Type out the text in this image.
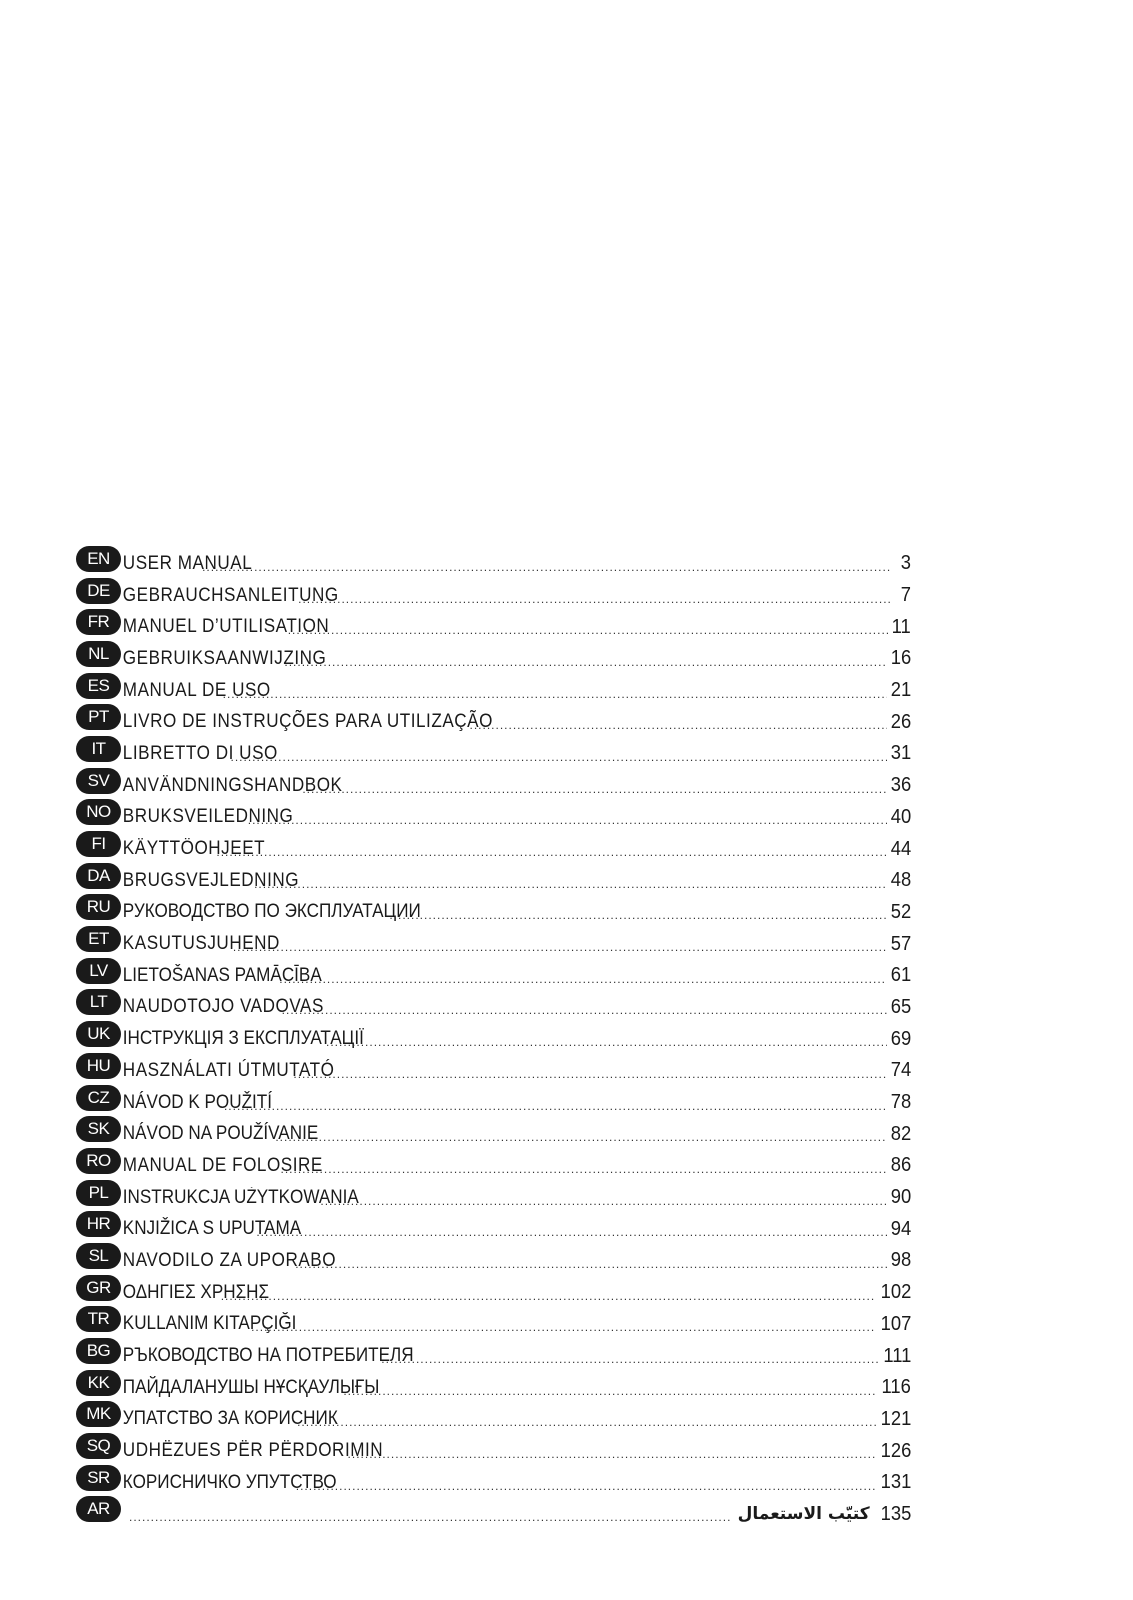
EN USER MANUAL .....	3
DE GEBRAUCHSANLEITUNG .....	7
FR MANUEL D’UTILISATION .....	11
NL GEBRUIKSAANWIJZING .....	16
ES MANUAL DE USO .....	21
PT LIVRO DE INSTRUÇÕES PARA UTILIZAÇÃO .....	26
IT LIBRETTO DI USO .....	31
SV ANVÄNDNINGSHANDBOK .....	36
NO BRUKSVEILEDNING .....	40
FI KÄYTTÖOHJEET .....	44
DA BRUGSVEJLEDNING .....	48
RU РУКОВОДСТВО ПО ЭКСПЛУАТАЦИИ .....	52
ET KASUTUSJUHEND .....	57
LV LIETOŠANAS PAMĀCĪBA .....	61
LT NAUDOTOJO VADOVAS .....	65
UK ІНСТРУКЦІЯ З ЕКСПЛУАТАЦІЇ .....	69
HU HASZNÁLATI ÚTMUTATÓ .....	74
CZ NÁVOD K POUŽITÍ .....	78
SK NÁVOD NA POUŽÍVANIE .....	82
RO MANUAL DE FOLOSIRE .....	86
PL INSTRUKCJA UŻYTKOWANIA .....	90
HR KNJIŽICA S UPUTAMA .....	94
SL NAVODILO ZA UPORABO .....	98
GR ΟΔΗΓΙΕΣ ΧΡΗΣΗΣ .....	102
TR KULLANIM KITAPÇIĞI .....	107
BG РЪКОВОДСТВО НА ПОТРЕБИТЕЛЯ .....	111
KK ПАЙДАЛАНУШЫ НҰСҚАУЛЫҒЫ .....	116
MK УПАТСТВО ЗА КОРИСНИК .....	121
SQ UDHËZUES PËR PËRDORIMIN .....	126
SR КОРИСНИЧКО УПУТСТВО .....	131
AR .....	كتيّب الاستعمال 135
